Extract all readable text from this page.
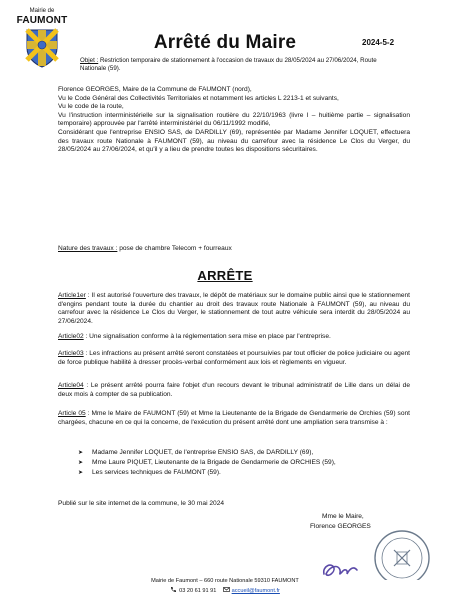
Mairie de
FAUMONT
Arrêté du Maire	2024-5-2
Objet : Restriction temporaire de stationnement à l'occasion de travaux du 28/05/2024 au 27/06/2024, Route Nationale (59).

Florence GEORGES, Maire de la Commune de FAUMONT (nord),

Vu le Code Général des Collectivités Territoriales et notamment les articles L 2213-1 et suivants,

Vu le code de la route,

Vu l'instruction interministérielle sur la signalisation routière du 22/10/1963 (livre I – huitième partie – signalisation temporaire) approuvée par l'arrêté interministériel du 06/11/1992 modifié,

Considérant que l'entreprise ENSIO SAS, de DARDILLY (69), représentée par Madame Jennifer LOQUET, effectuera des travaux route Nationale à FAUMONT (59), au niveau du carrefour avec la résidence Le Clos du Verger, du 28/05/2024 au 27/06/2024, et qu'il y a lieu de prendre toutes les dispositions sécuritaires.

Nature des travaux : pose de chambre Telecom + fourreaux
ARRÊTE
Article1er : Il est autorisé l'ouverture des travaux, le dépôt de matériaux sur le domaine public ainsi que le stationnement d'engins pendant toute la durée du chantier au droit des travaux route Nationale à FAUMONT (59), au niveau du carrefour avec la résidence Le Clos du Verger, le stationnement de tout autre véhicule sera interdit du 28/05/2024 au 27/06/2024.
Article02 : Une signalisation conforme à la réglementation sera mise en place par l'entreprise.
Article03 : Les infractions au présent arrêté seront constatées et poursuivies par tout officier de police judiciaire ou agent de force publique habilité à dresser procès-verbal conformément aux lois et règlements en vigueur.
Article04 : Le présent arrêté pourra faire l'objet d'un recours devant le tribunal administratif de Lille dans un délai de deux mois à compter de sa publication.
Article 05 : Mme le Maire de FAUMONT (59) et Mme la Lieutenante de la Brigade de Gendarmerie de Orchies (59) sont chargées, chacune en ce qui la concerne, de l'exécution du présent arrêté dont une ampliation sera transmise à :
➤	Madame Jennifer LOQUET, de l'entreprise ENSIO SAS, de DARDILLY (69),
➤	Mme Laure PIQUET, Lieutenante de la Brigade de Gendarmerie de ORCHIES (59),
➤	Les services techniques de FAUMONT (59).
Publié sur le site internet de la commune, le 30 mai 2024
Mme le Maire,
Florence GEORGES
Mairie de Faumont – 660 route Nationale 59310 FAUMONT
03 20 61 91 91	accueil@faumont.fr
